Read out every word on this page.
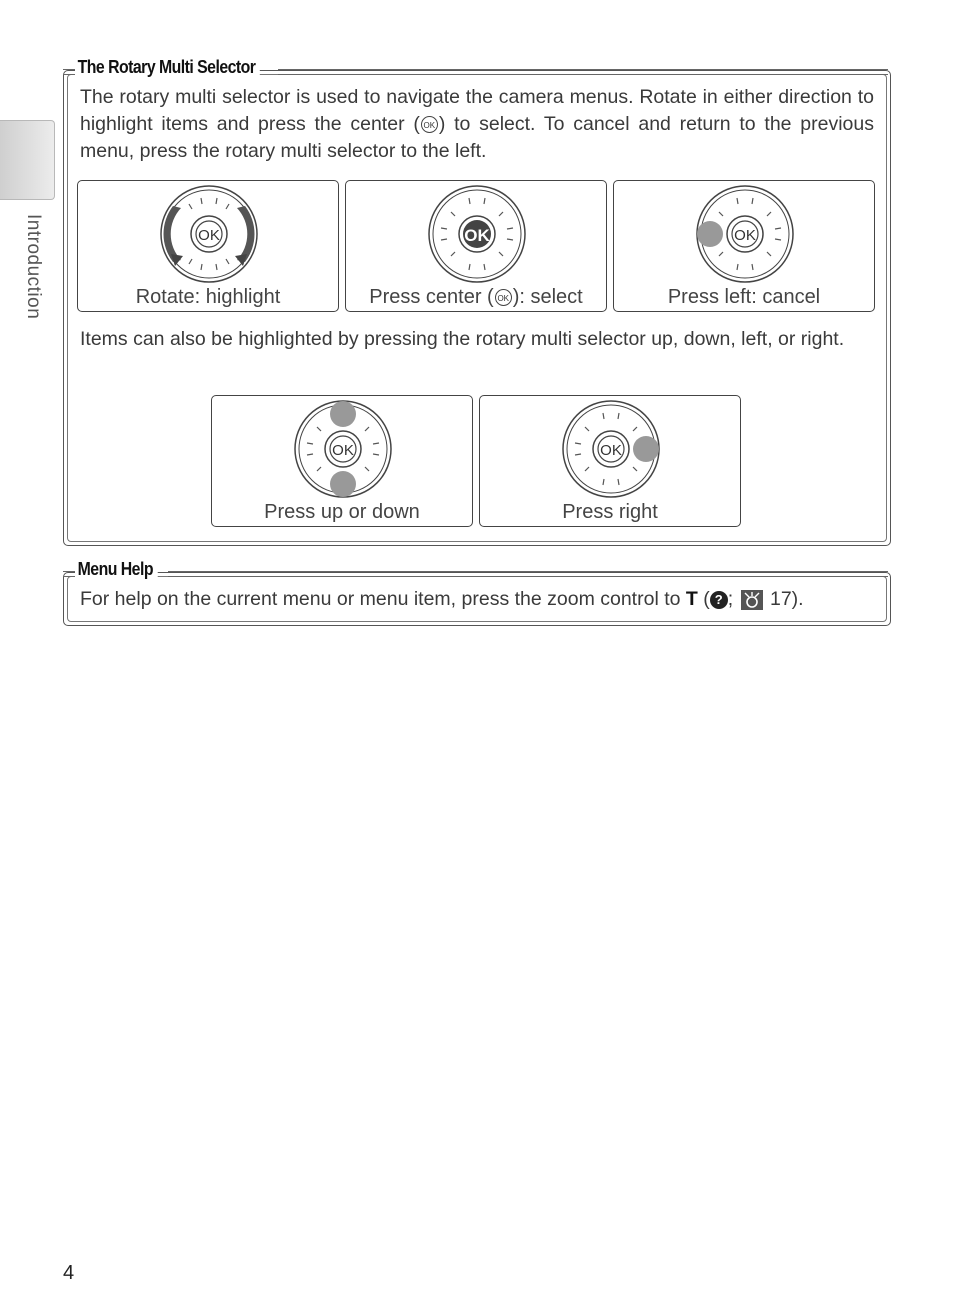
Introduction
The Rotary Multi Selector
The rotary multi selector is used to navigate the camera menus. Rotate in either direction to highlight items and press the center ( OK ) to select. To cancel and return to the previous menu, press the rotary multi selector to the left.
OK
Rotate: highlight
OK
Press center ( OK ): select
OK
Press left: cancel
Items can also be highlighted by pressing the rotary multi selector up, down, left, or right.
OK
Press up or down
OK
Press right
Menu Help
For help on the current menu or menu item, press the zoom control to T ( ? ;
17).
4
